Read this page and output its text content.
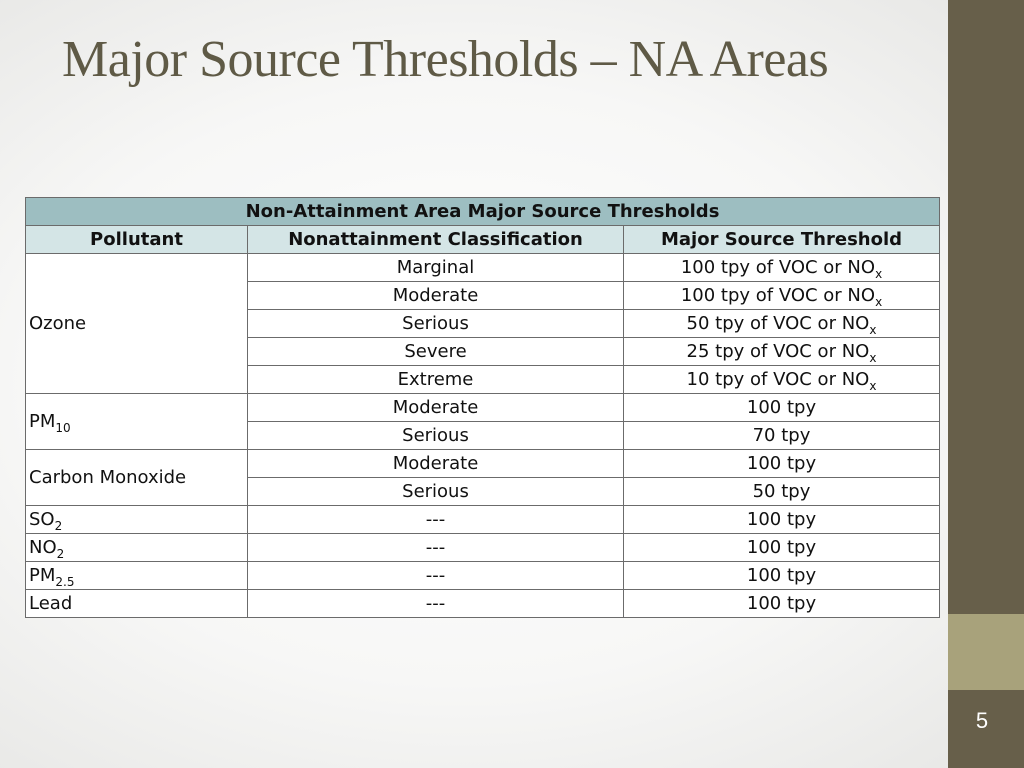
5
Major Source Thresholds – NA Areas
Non-Attainment Area Major Source Thresholds		
Pollutant	Nonattainment Classification	Major Source Threshold
Ozone	Marginal	100 tpy of VOC or $NO_x$
	Moderate	100 tpy of VOC or $NO_x$
	Serious	50 tpy of VOC or $NO_x$
	Severe	25 tpy of VOC or $NO_x$
	Extreme	10 tpy of VOC or $NO_x$
$PM_{10}$	Moderate	100 tpy
	Serious	70 tpy
Carbon Monoxide	Moderate	100 tpy
	Serious	50 tpy
$SO_2$	---	100 tpy
$NO_2$	---	100 tpy
$PM_{2.5}$	---	100 tpy
Lead	---	100 tpy
